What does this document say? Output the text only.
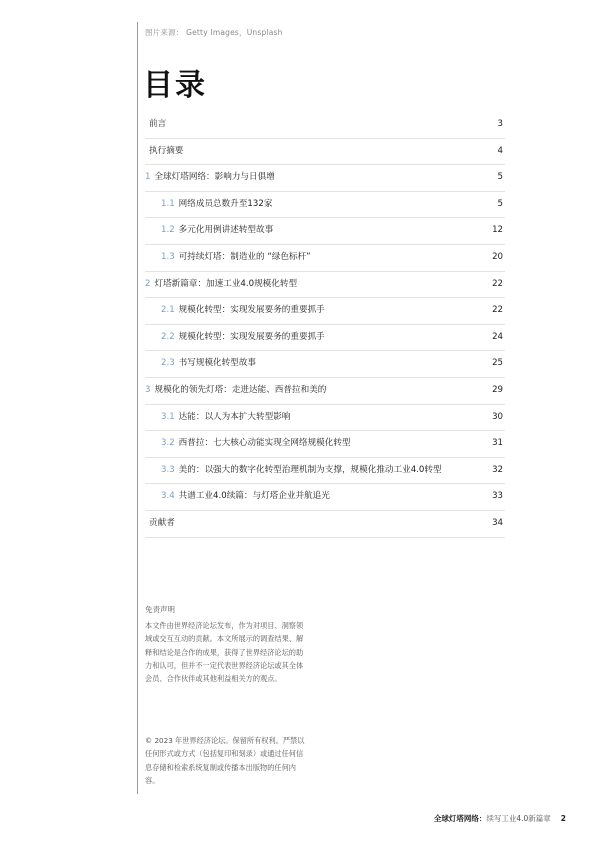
图片来源： Getty Images，Unsplash
目录
前言	3
执行摘要	4
1 全球灯塔网络：影响力与日俱增	5
1.1 网络成员总数升至132家	5
1.2 多元化用例讲述转型故事	12
1.3 可持续灯塔：制造业的 “绿色标杆”	20
2 灯塔新篇章：加速工业4.0规模化转型	22
2.1 规模化转型：实现发展要务的重要抓手	22
2.2 规模化转型：实现发展要务的重要抓手	24
2.3 书写规模化转型故事	25
3 规模化的领先灯塔：走进达能、西普拉和美的	29
3.1 达能：以人为本扩大转型影响	30
3.2 西普拉：七大核心动能实现全网络规模化转型	31
3.3 美的：以强大的数字化转型治理机制为支撑，规模化推动工业4.0转型	32
3.4 共谱工业4.0续篇：与灯塔企业并航追光	33
贡献者	34
免责声明
本文件由世界经济论坛发布，作为对项目、洞察领域或交互互动的贡献。本文所展示的调查结果、解释和结论是合作的成果，获得了世界经济论坛的助力和认可，但并不一定代表世界经济论坛或其全体会员、合作伙伴或其他利益相关方的观点。
© 2023 年世界经济论坛。保留所有权利。严禁以任何形式或方式（包括复印和刻录）或通过任何信息存储和检索系统复制或传播本出版物的任何内容。
全球灯塔网络：续写工业4.0新篇章 2
